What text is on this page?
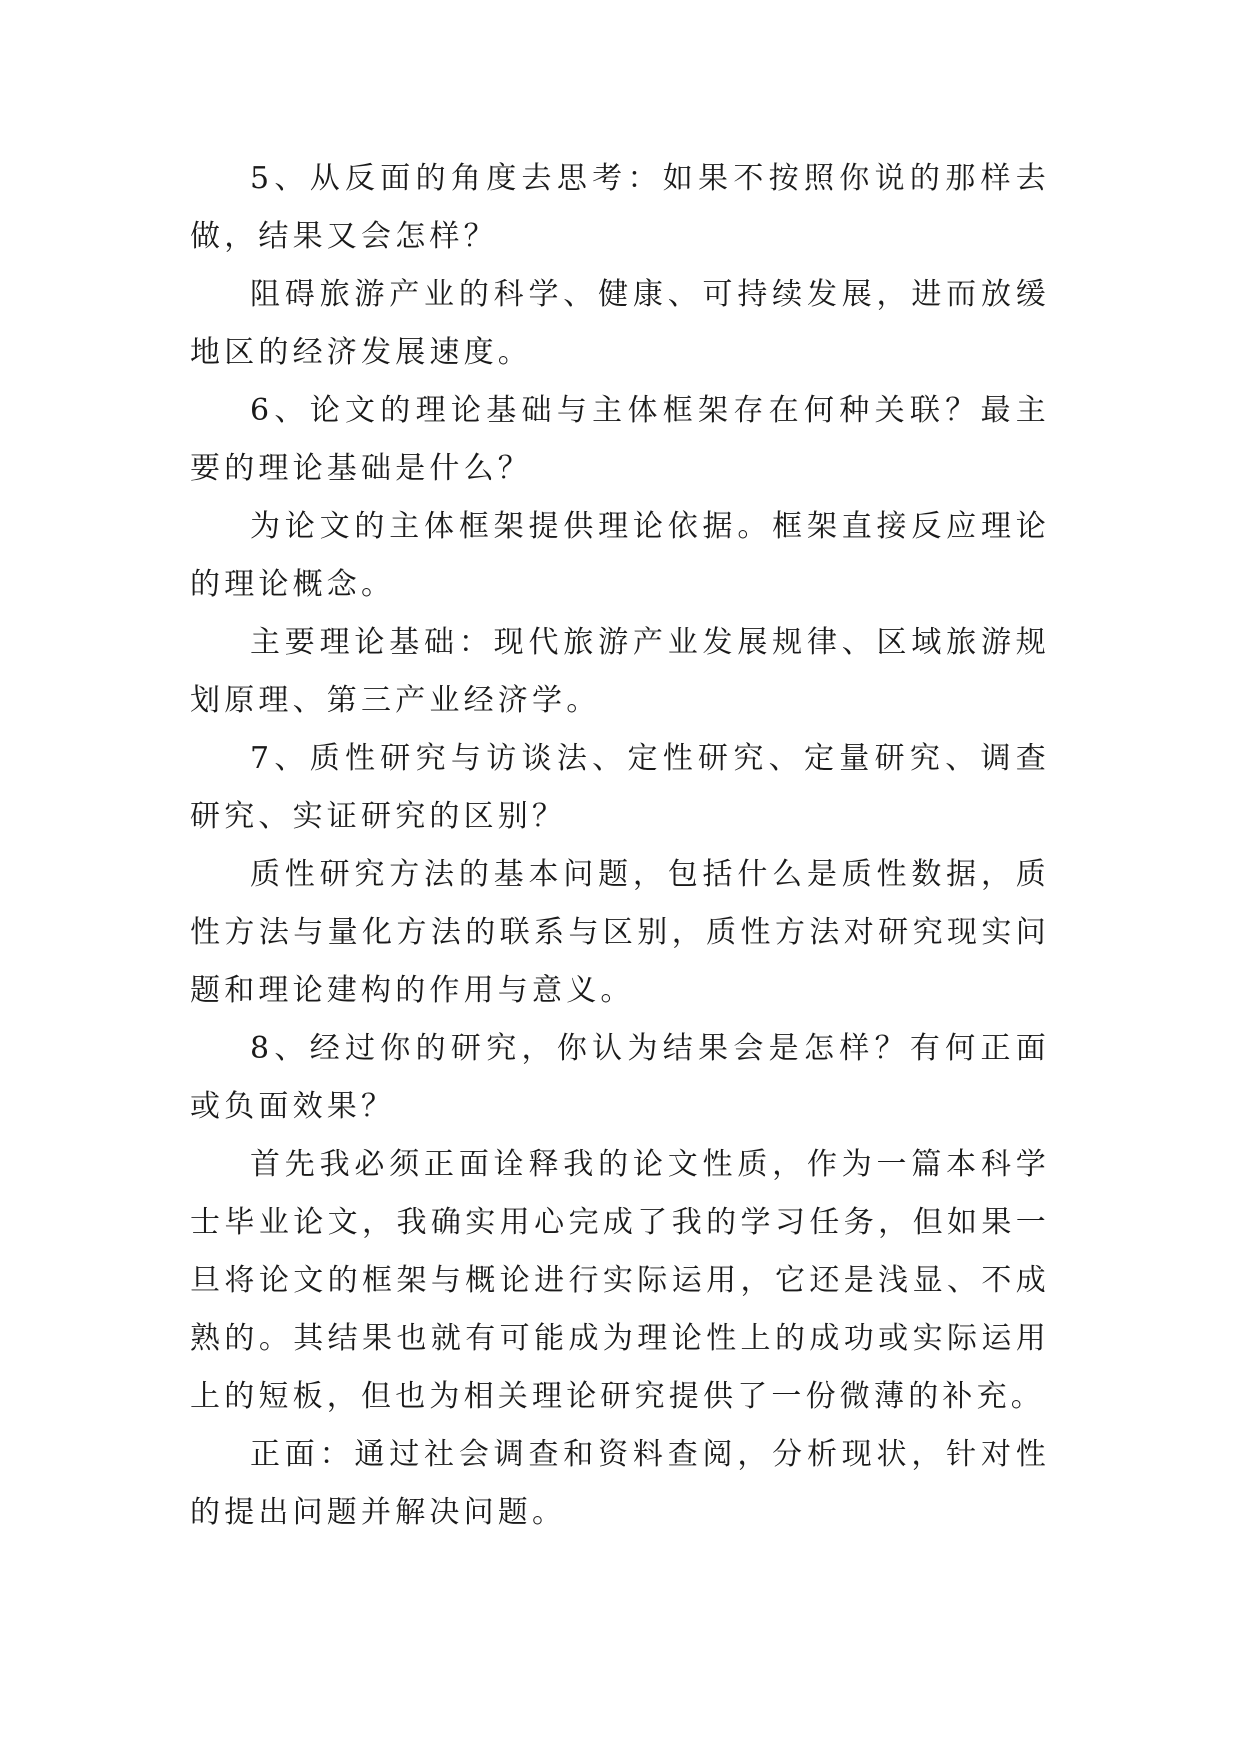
5、从反面的角度去思考：如果不按照你说的那样去做，结果又会怎样？

阻碍旅游产业的科学、健康、可持续发展，进而放缓地区的经济发展速度。

6、论文的理论基础与主体框架存在何种关联？最主要的理论基础是什么？

为论文的主体框架提供理论依据。框架直接反应理论的理论概念。

主要理论基础：现代旅游产业发展规律、区域旅游规划原理、第三产业经济学。

7、质性研究与访谈法、定性研究、定量研究、调查研究、实证研究的区别？

质性研究方法的基本问题，包括什么是质性数据，质性方法与量化方法的联系与区别，质性方法对研究现实问题和理论建构的作用与意义。

8、经过你的研究，你认为结果会是怎样？有何正面或负面效果？

首先我必须正面诠释我的论文性质，作为一篇本科学士毕业论文，我确实用心完成了我的学习任务，但如果一旦将论文的框架与概论进行实际运用，它还是浅显、不成熟的。其结果也就有可能成为理论性上的成功或实际运用上的短板，但也为相关理论研究提供了一份微薄的补充。

正面：通过社会调查和资料查阅，分析现状，针对性的提出问题并解决问题。
